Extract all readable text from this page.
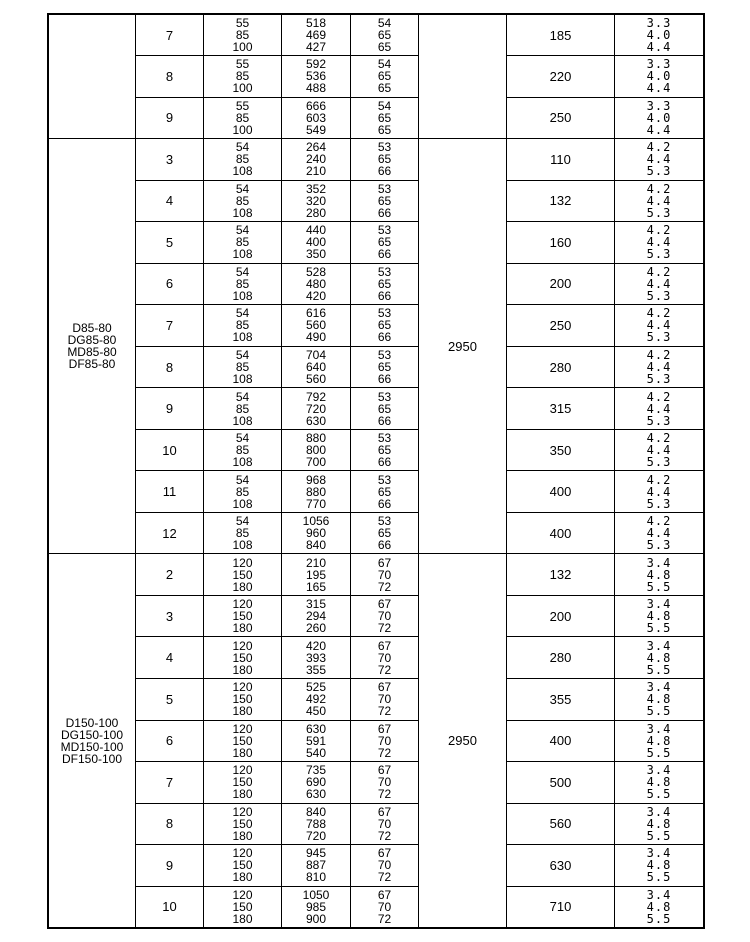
	7	55
85
100	518
469
427	54
65
65		185	3.3
4.0
4.4

	8	55
85
100	592
536
488	54
65
65		220	3.3
4.0
4.4

	9	55
85
100	666
603
549	54
65
65		250	3.3
4.0
4.4

D85-80
DG85-80
MD85-80
DF85-80	3	54
85
108	264
240
210	53
65
66	2950	110	4.2
4.4
5.3

	4	54
85
108	352
320
280	53
65
66		132	4.2
4.4
5.3

	5	54
85
108	440
400
350	53
65
66		160	4.2
4.4
5.3

	6	54
85
108	528
480
420	53
65
66		200	4.2
4.4
5.3

	7	54
85
108	616
560
490	53
65
66		250	4.2
4.4
5.3

	8	54
85
108	704
640
560	53
65
66		280	4.2
4.4
5.3

	9	54
85
108	792
720
630	53
65
66		315	4.2
4.4
5.3

	10	54
85
108	880
800
700	53
65
66		350	4.2
4.4
5.3

	11	54
85
108	968
880
770	53
65
66		400	4.2
4.4
5.3

	12	54
85
108	1056
960
840	53
65
66		400	4.2
4.4
5.3

D150-100
DG150-100
MD150-100
DF150-100	2	120
150
180	210
195
165	67
70
72	2950	132	3.4
4.8
5.5

	3	120
150
180	315
294
260	67
70
72		200	3.4
4.8
5.5

	4	120
150
180	420
393
355	67
70
72		280	3.4
4.8
5.5

	5	120
150
180	525
492
450	67
70
72		355	3.4
4.8
5.5

	6	120
150
180	630
591
540	67
70
72		400	3.4
4.8
5.5

	7	120
150
180	735
690
630	67
70
72		500	3.4
4.8
5.5

	8	120
150
180	840
788
720	67
70
72		560	3.4
4.8
5.5

	9	120
150
180	945
887
810	67
70
72		630	3.4
4.8
5.5

	10	120
150
180	1050
985
900	67
70
72		710	3.4
4.8
5.5
